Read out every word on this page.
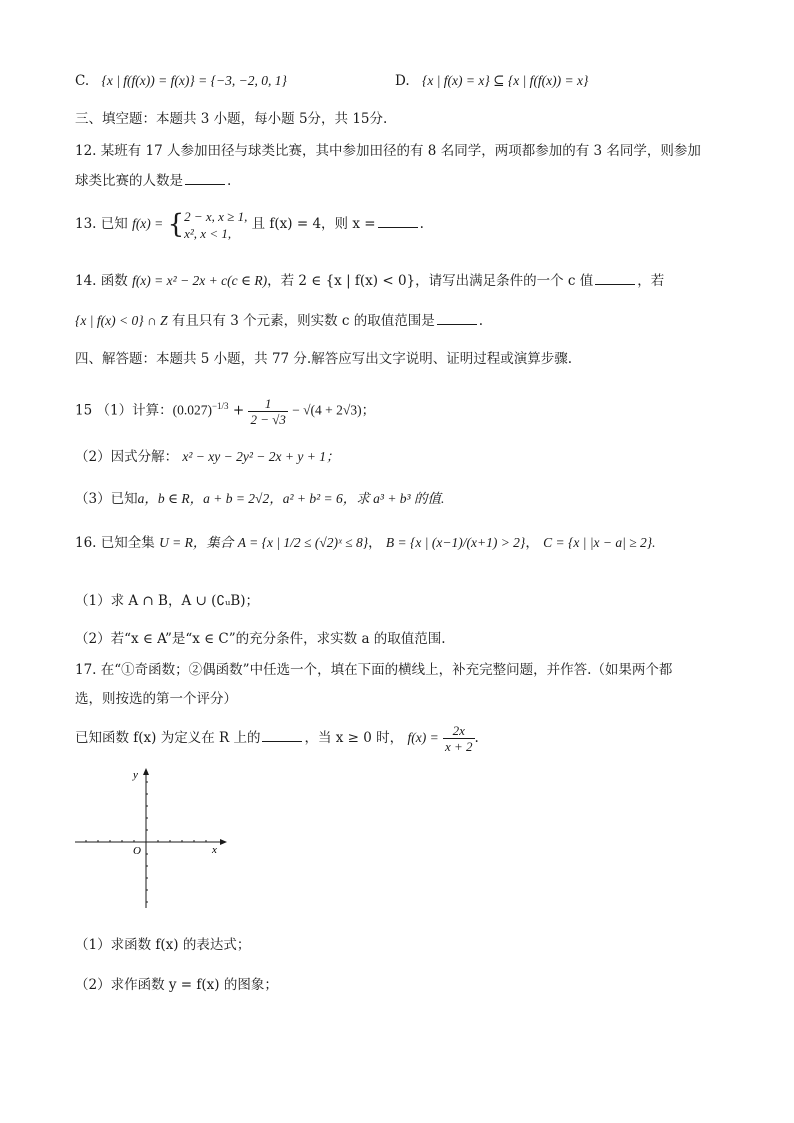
C. {x | f(f(x)) = f(x)} = {−3, −2, 0, 1}	D. {x | f(x) = x} ⊆ {x | f(f(x)) = x}
三、填空题：本题共 3 小题，每小题 5分，共 15分.
12. 某班有 17 人参加田径与球类比赛，其中参加田径的有 8 名同学，两项都参加的有 3 名同学，则参加
球类比赛的人数是	.
13. 已知 f(x) = { 2 − x, x ≥ 1,
x², x < 1,
且 f(x) = 4，则 x =	.
14. 函数 f(x) = x² − 2x + c(c ∈ R)，若 2 ∈ {x | f(x) < 0}，请写出满足条件的一个 c 值	，若
{x | f(x) < 0} ∩ Z 有且只有 3 个元素，则实数 c 的取值范围是	.
四、解答题：本题共 5 小题，共 77 分.解答应写出文字说明、证明过程或演算步骤.
15 （1）计算：$(0.027)^{-1/3} + \frac{1}{2 - √3} - √(4 + 2√3)$；
（2）因式分解： x² − xy − 2y² − 2x + y + 1；
（3）已知a，b ∈ R，a + b = 2√2，a² + b² = 6，求 a³ + b³ 的值.
16. 已知全集 U = R，集合 A = {x | 1/2 ≤ (√2)ˣ ≤ 8}， B = {x | (x−1)/(x+1) > 2}， C = {x | |x − a| ≥ 2}.
（1）求 A ∩ B，A ∪ (∁ᵤB)；
（2）若“x ∈ A”是“x ∈ C”的充分条件，求实数 a 的取值范围.
17. 在“①奇函数；②偶函数”中任选一个，填在下面的横线上，补充完整问题，并作答.（如果两个都
选，则按选的第一个评分）
已知函数 f(x) 为定义在 R 上的	，当 x ≥ 0 时， $f(x) = \frac{2x}{x + 2}$ .
x
y
O
（1）求函数 f(x) 的表达式；
（2）求作函数 y = f(x) 的图象；
